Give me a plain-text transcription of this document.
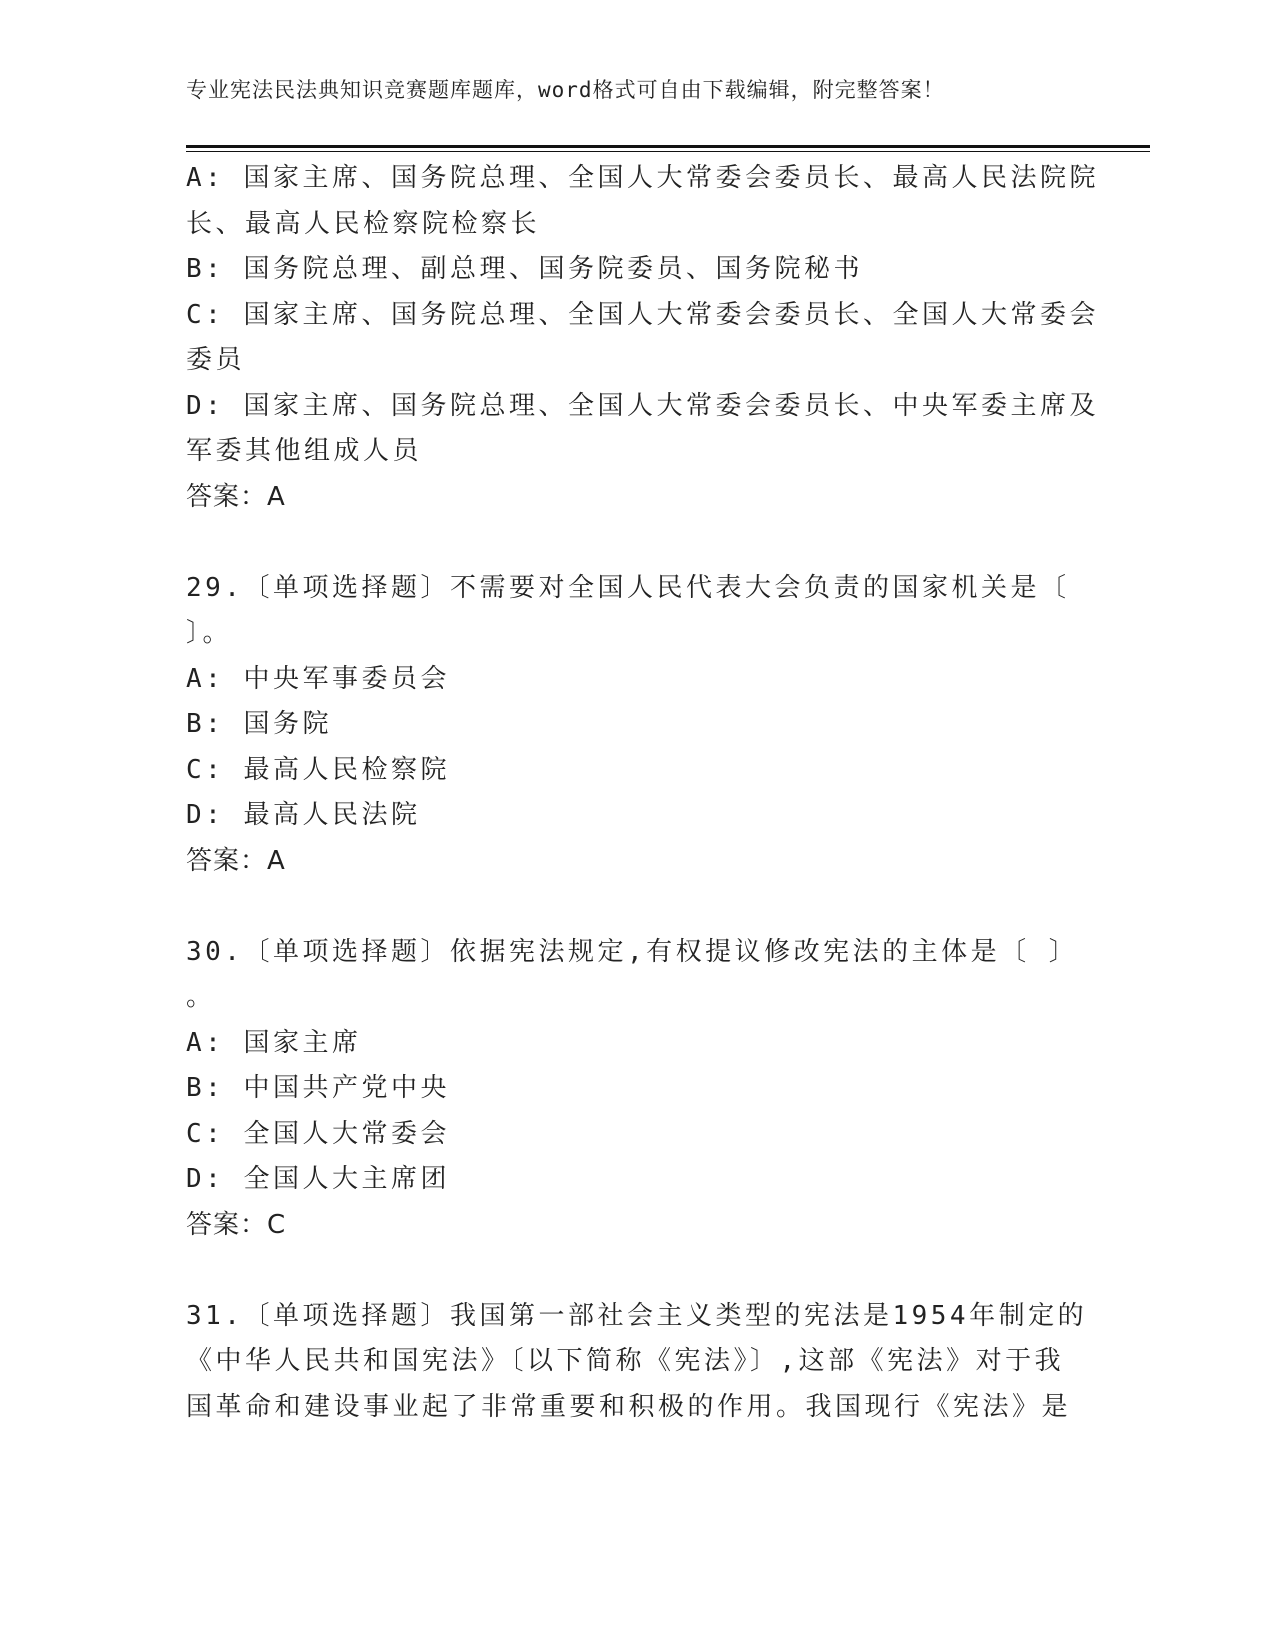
专业宪法民法典知识竞赛题库题库，word格式可自由下载编辑，附完整答案！
A: 国家主席、国务院总理、全国人大常委会委员长、最高人民法院院
长、最高人民检察院检察长
B: 国务院总理、副总理、国务院委员、国务院秘书
C: 国家主席、国务院总理、全国人大常委会委员长、全国人大常委会
委员
D: 国家主席、国务院总理、全国人大常委会委员长、中央军委主席及
军委其他组成人员
答案：A
29.〔单项选择题〕不需要对全国人民代表大会负责的国家机关是〔
〕。
A: 中央军事委员会
B: 国务院
C: 最高人民检察院
D: 最高人民法院
答案：A
30.〔单项选择题〕依据宪法规定,有权提议修改宪法的主体是〔 〕
。
A: 国家主席
B: 中国共产党中央
C: 全国人大常委会
D: 全国人大主席团
答案：C
31.〔单项选择题〕我国第一部社会主义类型的宪法是1954年制定的
《中华人民共和国宪法》〔以下简称《宪法》〕,这部《宪法》对于我
国革命和建设事业起了非常重要和积极的作用。我国现行《宪法》是
